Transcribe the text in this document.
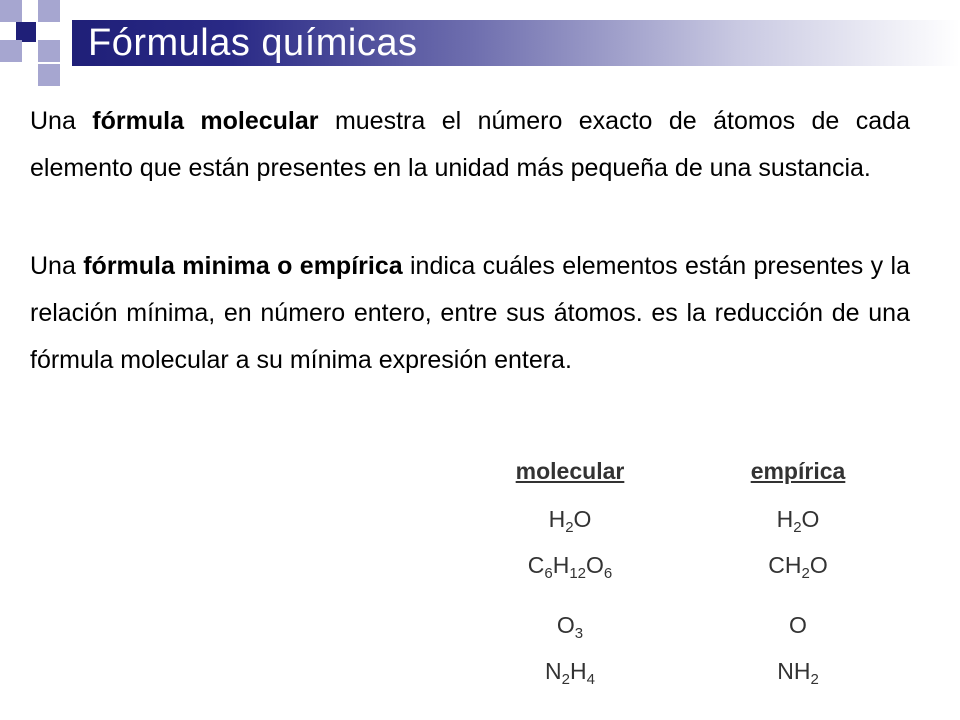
Fórmulas químicas
Una fórmula molecular muestra el número exacto de átomos de cada elemento que están presentes en la unidad más pequeña de una sustancia.
Una fórmula minima o empírica indica cuáles elementos están presentes y la relación mínima, en número entero, entre sus átomos. es la reducción de una fórmula molecular a su mínima expresión entera.
molecular	empírica
$H_2O$	$H_2O$
$C_6H_{12}O_6$	$CH_2O$
$O_3$	O
$N_2H_4$	$NH_2$
